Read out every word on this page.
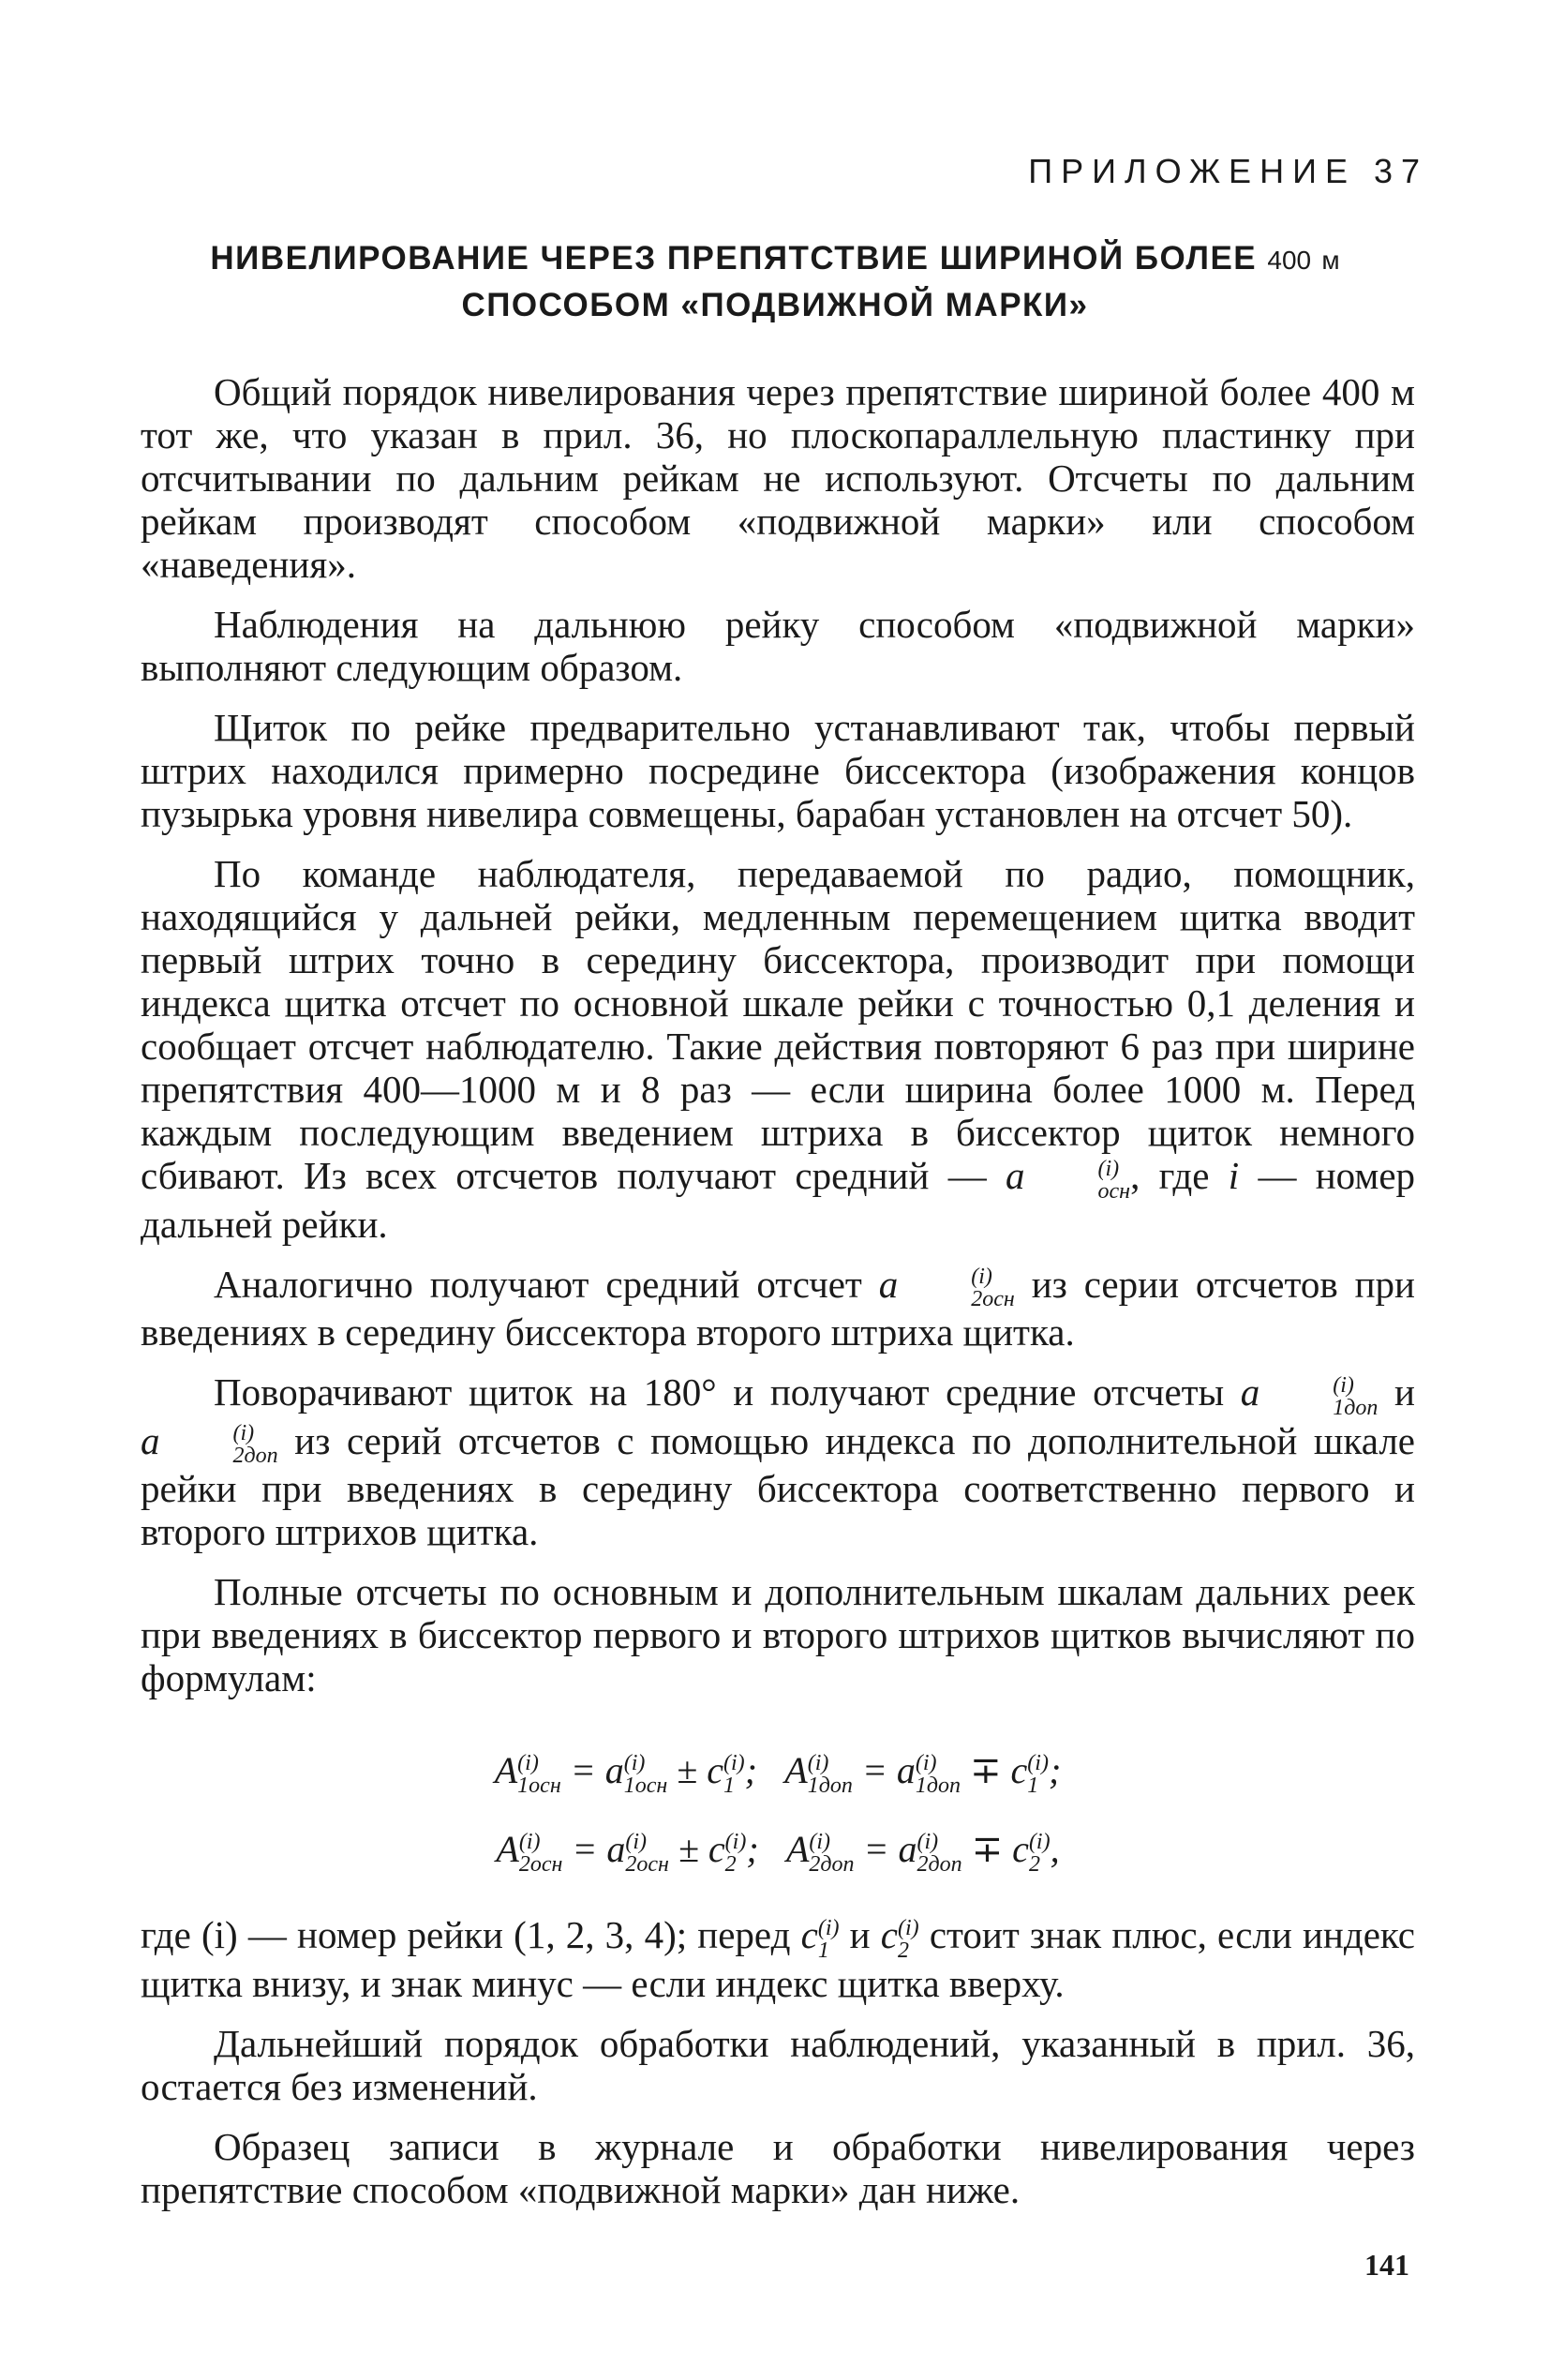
ПРИЛОЖЕНИЕ 37
НИВЕЛИРОВАНИЕ ЧЕРЕЗ ПРЕПЯТСТВИЕ ШИРИНОЙ БОЛЕЕ 400 м
СПОСОБОМ «ПОДВИЖНОЙ МАРКИ»

Общий порядок нивелирования через препятствие шириной более 400 м тот же, что указан в прил. 36, но плоскопараллельную пластинку при отсчитывании по дальним рейкам не используют. Отсчеты по дальним рейкам производят способом «подвижной марки» или способом «наведения».

Наблюдения на дальнюю рейку способом «подвижной марки» выполняют следующим образом.

Щиток по рейке предварительно устанавливают так, чтобы первый штрих находился примерно посредине биссектора (изображения концов пузырька уровня нивелира совмещены, барабан установлен на отсчет 50).

По команде наблюдателя, передаваемой по радио, помощник, находящийся у дальней рейки, медленным перемещением щитка вводит первый штрих точно в середину биссектора, производит при помощи индекса щитка отсчет по основной шкале рейки с точностью 0,1 деления и сообщает отсчет наблюдателю. Такие действия повторяют 6 раз при ширине препятствия 400—1000 м и 8 раз — если ширина более 1000 м. Перед каждым последующим введением штриха в биссектор щиток немного сбивают. Из всех отсчетов получают средний — a	(i)
осн , где i — номер дальней рейки.

Аналогично получают средний отсчет a	(i)
2осн из серии отсчетов при введениях в середину биссектора второго штриха щитка.

Поворачивают щиток на 180° и получают средние отсчеты a	(i)
1доп и a	(i)
2доп из серий отсчетов с помощью индекса по дополнительной шкале рейки при введениях в середину биссектора соответственно первого и второго штрихов щитка.

Полные отсчеты по основным и дополнительным шкалам дальних реек при введениях в биссектор первого и второго штрихов щитков вычисляют по формулам:

A (i)
1осн = a (i)
1осн ± c (i)
1 ; A (i)
1доп = a (i)
1доп ∓ c (i)
1 ;
A (i)
2осн = a (i)
2осн ± c (i)
2 ; A (i)
2доп = a (i)
2доп ∓ c (i)
2 ,

где (i) — номер рейки (1, 2, 3, 4); перед c (i)
1 и c (i)
2 стоит знак плюс, если индекс щитка внизу, и знак минус — если индекс щитка вверху.

Дальнейший порядок обработки наблюдений, указанный в прил. 36, остается без изменений.

Образец записи в журнале и обработки нивелирования через препятствие способом «подвижной марки» дан ниже.

141
